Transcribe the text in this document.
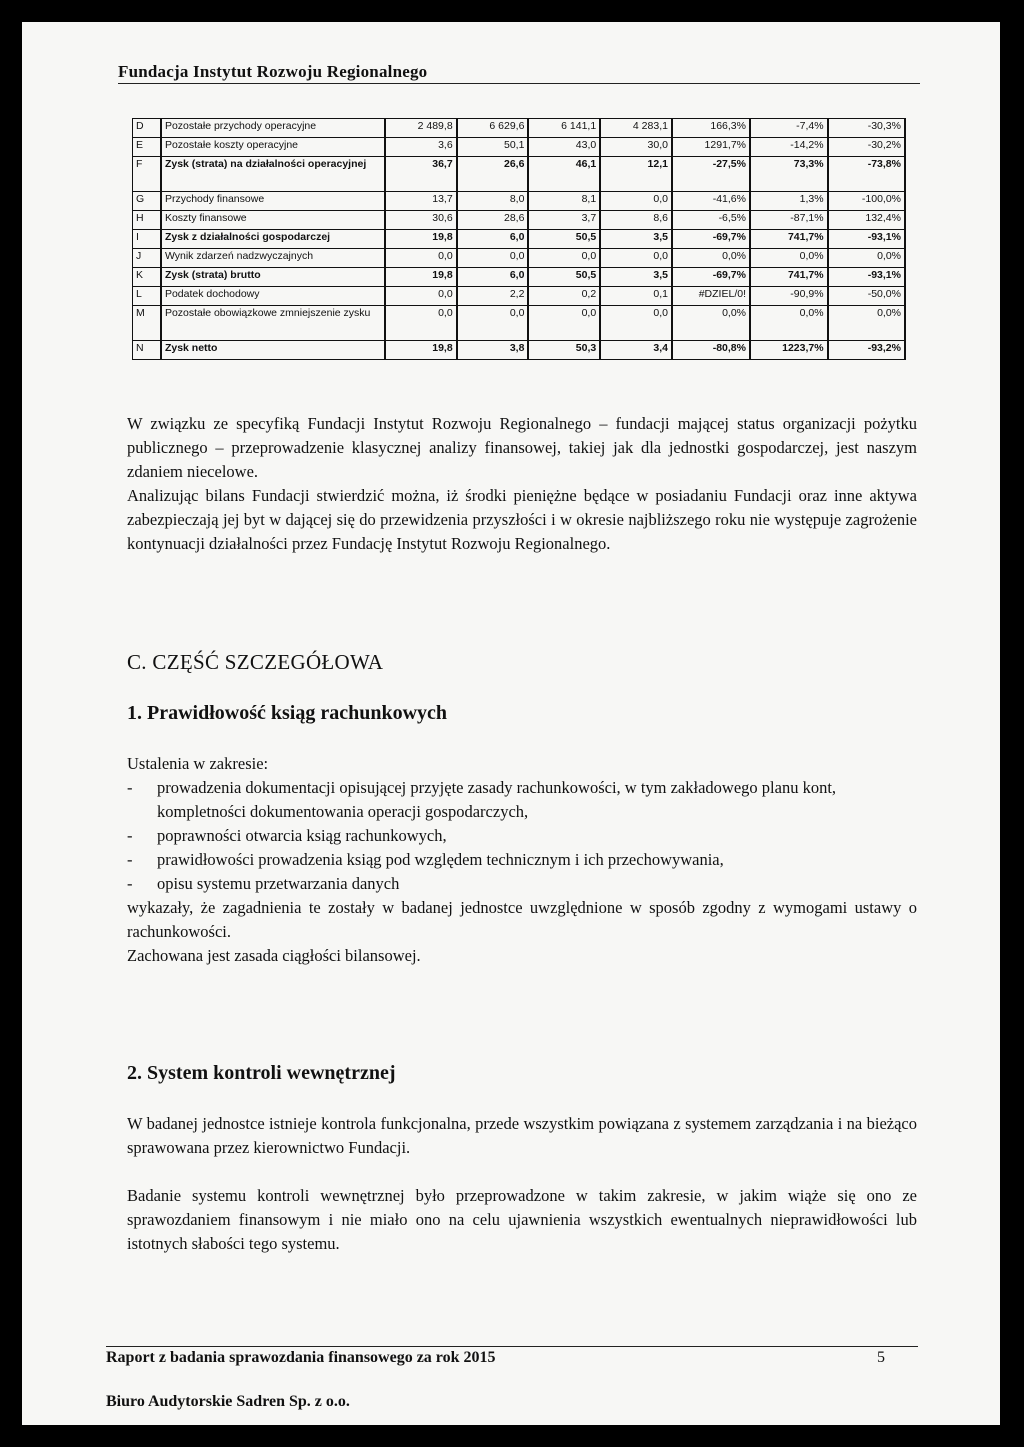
Fundacja Instytut Rozwoju Regionalnego
D	Pozostałe przychody operacyjne	2 489,8	6 629,6	6 141,1	4 283,1	166,3%	-7,4%	-30,3%
E	Pozostałe koszty operacyjne	3,6	50,1	43,0	30,0	1291,7%	-14,2%	-30,2%
F	Zysk (strata) na działalności operacyjnej	36,7	26,6	46,1	12,1	-27,5%	73,3%	-73,8%
G	Przychody finansowe	13,7	8,0	8,1	0,0	-41,6%	1,3%	-100,0%
H	Koszty finansowe	30,6	28,6	3,7	8,6	-6,5%	-87,1%	132,4%
I	Zysk z działalności gospodarczej	19,8	6,0	50,5	3,5	-69,7%	741,7%	-93,1%
J	Wynik zdarzeń nadzwyczajnych	0,0	0,0	0,0	0,0	0,0%	0,0%	0,0%
K	Zysk (strata) brutto	19,8	6,0	50,5	3,5	-69,7%	741,7%	-93,1%
L	Podatek dochodowy	0,0	2,2	0,2	0,1	#DZIEL/0!	-90,9%	-50,0%
M	Pozostałe obowiązkowe zmniejszenie zysku	0,0	0,0	0,0	0,0	0,0%	0,0%	0,0%
N	Zysk netto	19,8	3,8	50,3	3,4	-80,8%	1223,7%	-93,2%

W związku ze specyfiką Fundacji Instytut Rozwoju Regionalnego – fundacji mającej status organizacji pożytku publicznego – przeprowadzenie klasycznej analizy finansowej, takiej jak dla jednostki gospodarczej, jest naszym zdaniem niecelowe.

Analizując bilans Fundacji stwierdzić można, iż środki pieniężne będące w posiadaniu Fundacji oraz inne aktywa zabezpieczają jej byt w dającej się do przewidzenia przyszłości i w okresie najbliższego roku nie występuje zagrożenie kontynuacji działalności przez Fundację Instytut Rozwoju Regionalnego.

C. CZĘŚĆ SZCZEGÓŁOWA
1. Prawidłowość ksiąg rachunkowych

Ustalenia w zakresie:

- prowadzenia dokumentacji opisującej przyjęte zasady rachunkowości, w tym zakładowego planu kont,
kompletności dokumentowania operacji gospodarczych,
- poprawności otwarcia ksiąg rachunkowych,
- prawidłowości prowadzenia ksiąg pod względem technicznym i ich przechowywania,
- opisu systemu przetwarzania danych

wykazały, że zagadnienia te zostały w badanej jednostce uwzględnione w sposób zgodny z wymogami ustawy o rachunkowości.

Zachowana jest zasada ciągłości bilansowej.

2. System kontroli wewnętrznej

W badanej jednostce istnieje kontrola funkcjonalna, przede wszystkim powiązana z systemem zarządzania i na bieżąco sprawowana przez kierownictwo Fundacji.

Badanie systemu kontroli wewnętrznej było przeprowadzone w takim zakresie, w jakim wiąże się ono ze sprawozdaniem finansowym i nie miało ono na celu ujawnienia wszystkich ewentualnych nieprawidłowości lub istotnych słabości tego systemu.

Raport z badania sprawozdania finansowego za rok 2015	5
Biuro Audytorskie Sadren Sp. z o.o.
